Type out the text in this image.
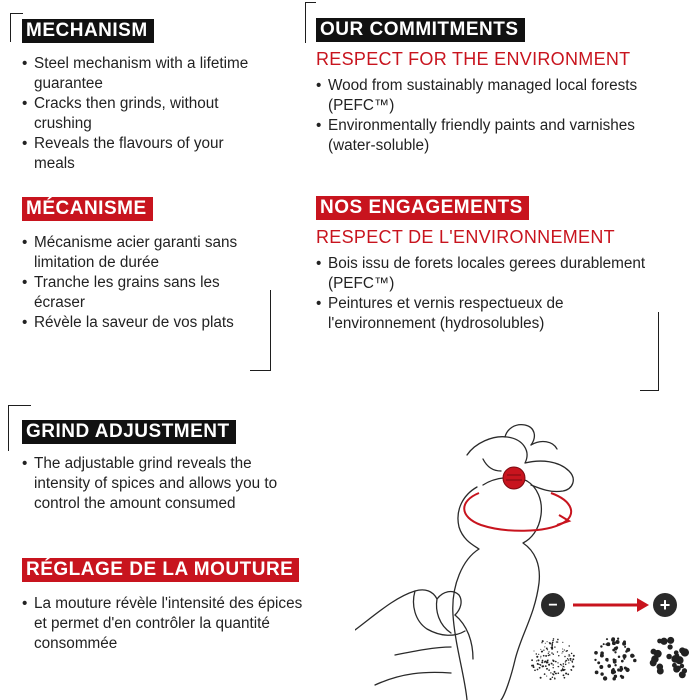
MECHANISM
• Steel mechanism with a lifetime guarantee
• Cracks then grinds, without crushing
• Reveals the flavours of your meals
MÉCANISME
• Mécanisme acier garanti sans limitation de durée
• Tranche les grains sans les écraser
• Révèle la saveur de vos plats
OUR COMMITMENTS
RESPECT FOR THE ENVIRONMENT
• Wood from sustainably managed local forests (PEFC™)
• Environmentally friendly paints and varnishes (water-soluble)
NOS ENGAGEMENTS
RESPECT DE L'ENVIRONNEMENT
• Bois issu de forets locales gerees durablement (PEFC™)
• Peintures et vernis respectueux de l'environnement (hydrosolubles)
GRIND ADJUSTMENT
• The adjustable grind reveals the intensity of spices and allows you to control the amount consumed
RÉGLAGE DE LA MOUTURE
• La mouture révèle l'intensité des épices et permet d'en contrôler la quantité consommée
−	+
